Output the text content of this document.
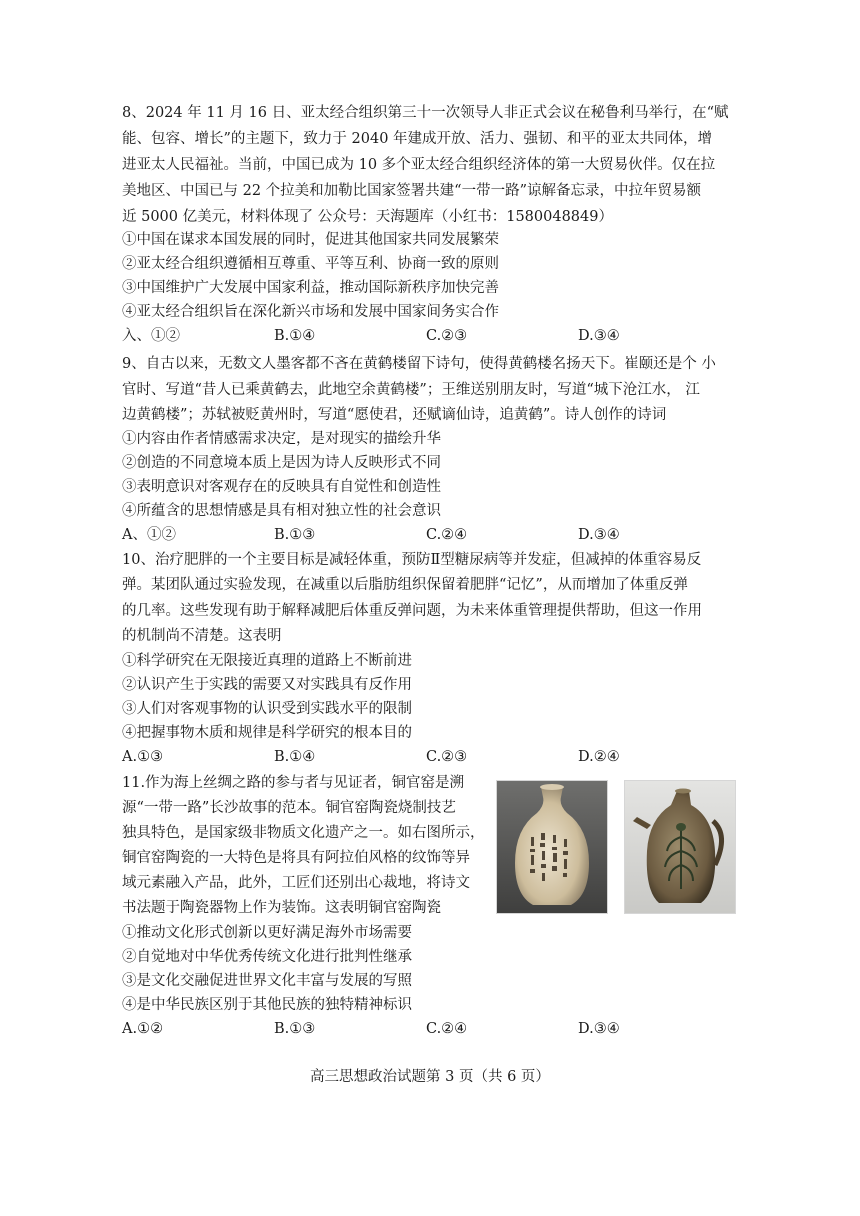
8、2024 年 11 月 16 日、亚太经合组织第三十一次领导人非正式会议在秘鲁利马举行，在“赋
能、包容、增长”的主题下，致力于 2040 年建成开放、活力、强韧、和平的亚太共同体，增
进亚太人民福祉。当前，中国已成为 10 多个亚太经合组织经济体的第一大贸易伙伴。仅在拉
美地区、中国已与 22 个拉美和加勒比国家签署共建“一带一路”谅解备忘录，中拉年贸易额
近 5000 亿美元，材料体现了 公众号：天海题库（小红书：1580048849）
①中国在谋求本国发展的同时，促进其他国家共同发展繁荣
②亚太经合组织遵循相互尊重、平等互利、协商一致的原则
③中国维护广大发展中国家利益，推动国际新秩序加快完善
④亚太经合组织旨在深化新兴市场和发展中国家间务实合作
入、①②	B.①④	C.②③	D.③④
9、自古以来，无数文人墨客都不吝在黄鹤楼留下诗句，使得黄鹤楼名扬天下。崔颐还是个 小
官时、写道“昔人已乘黄鹤去，此地空余黄鹤楼”；王维送别朋友时，写道“城下沧江水， 江
边黄鹤楼”；苏轼被贬黄州时，写道“愿使君，还赋谪仙诗，追黄鹤”。诗人创作的诗词
①内容由作者情感需求决定，是对现实的描绘升华
②创造的不同意境本质上是因为诗人反映形式不同
③表明意识对客观存在的反映具有自觉性和创造性
④所蕴含的思想情感是具有相对独立性的社会意识
A、①②	B.①③	C.②④	D.③④
10、治疗肥胖的一个主要目标是减轻体重，预防Ⅱ型糖尿病等并发症，但减掉的体重容易反
弹。某团队通过实验发现，在减重以后脂肪组织保留着肥胖“记忆”，从而增加了体重反弹
的几率。这些发现有助于解释减肥后体重反弹问题，为未来体重管理提供帮助，但这一作用
的机制尚不清楚。这表明
①科学研究在无限接近真理的道路上不断前进
②认识产生于实践的需要又对实践具有反作用
③人们对客观事物的认识受到实践水平的限制
④把握事物木质和规律是科学研究的根本目的
A.①③	B.①④	C.②③	D.②④
11.作为海上丝绸之路的参与者与见证者，铜官窑是溯
源“一带一路”长沙故事的范本。铜官窑陶瓷烧制技艺
独具特色，是国家级非物质文化遗产之一。如右图所示，
铜官窑陶瓷的一大特色是将具有阿拉伯风格的纹饰等异
域元素融入产品，此外，工匠们还别出心裁地，将诗文
书法题于陶瓷器物上作为装饰。这表明铜官窑陶瓷
①推动文化形式创新以更好满足海外市场需要
②自觉地对中华优秀传统文化进行批判性继承
③是文化交融促进世界文化丰富与发展的写照
④是中华民族区别于其他民族的独特精神标识
A.①②	B.①③	C.②④	D.③④
高三思想政治试题第 3 页（共 6 页）
